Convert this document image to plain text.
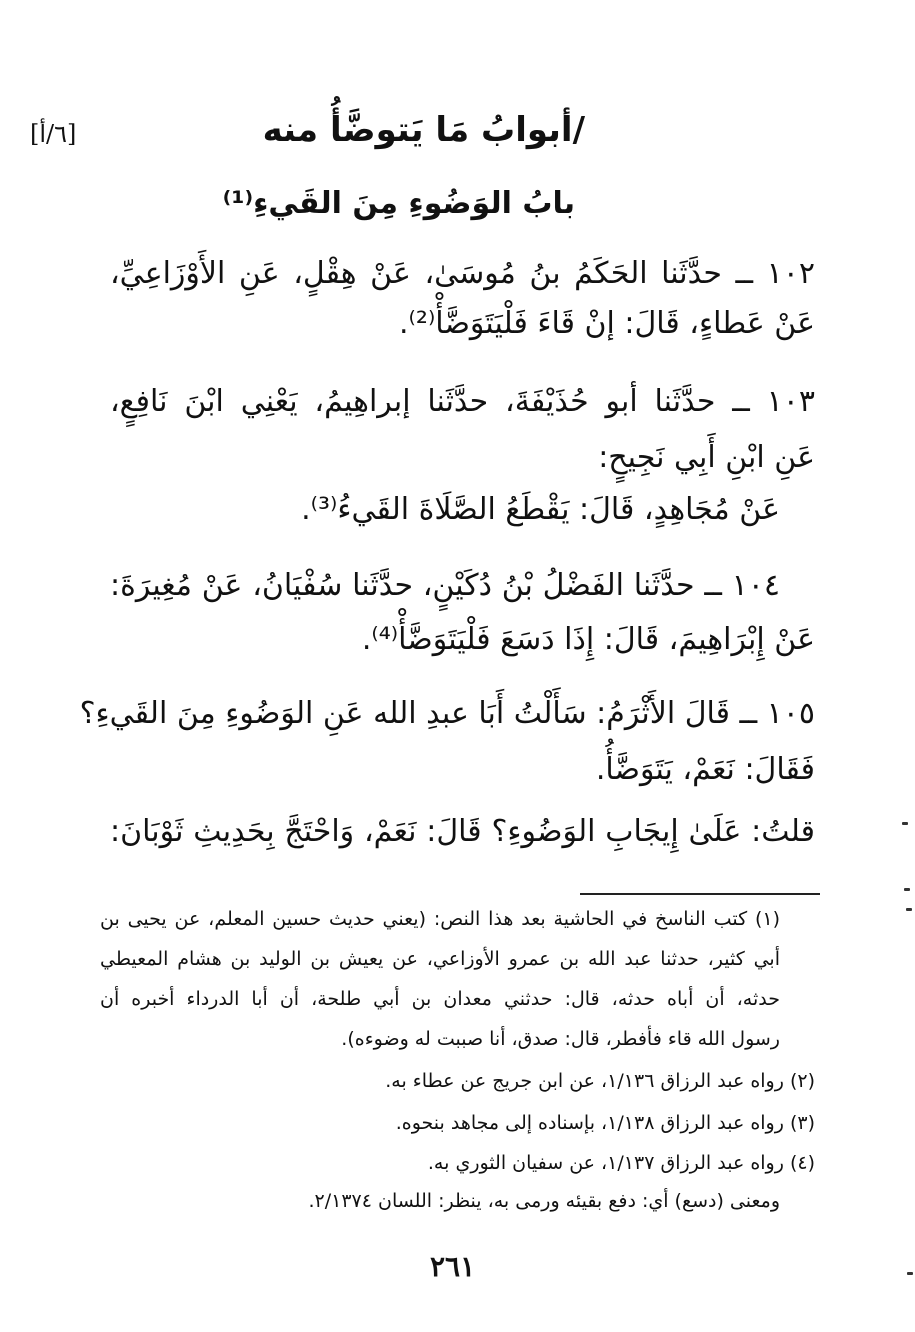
[٦/أ]	/أبوابُ مَا يَتوضَّأُ منه
بابُ الوَضُوءِ مِنَ القَيءِ⁽¹⁾
١٠٢ ــ حدَّثَنا الحَكَمُ بنُ مُوسَىٰ، عَنْ هِقْلٍ، عَنِ الأَوْزَاعِيِّ،
عَنْ عَطاءٍ، قَالَ: إنْ قَاءَ فَلْيَتَوَضَّأْ⁽²⁾.
١٠٣ ــ حدَّثَنا أبو حُذَيْفَةَ، حدَّثَنا إبراهِيمُ، يَعْنِي ابْنَ نَافِعٍ،
عَنِ ابْنِ أَبِي نَجِيحٍ:
عَنْ مُجَاهِدٍ، قَالَ: يَقْطَعُ الصَّلَاةَ القَيءُ⁽³⁾.
١٠٤ ــ حدَّثَنا الفَضْلُ بْنُ دُكَيْنٍ، حدَّثَنا سُفْيَانُ، عَنْ مُغِيرَةَ:
عَنْ إِبْرَاهِيمَ، قَالَ: إِذَا دَسَعَ فَلْيَتَوَضَّأْ⁽⁴⁾.
١٠٥ ــ قَالَ الأَثْرَمُ: سَأَلْتُ أَبَا عبدِ الله عَنِ الوَضُوءِ مِنَ القَيءِ؟
فَقَالَ: نَعَمْ، يَتَوَضَّأُ.
قلتُ: عَلَىٰ إِيجَابِ الوَضُوءِ؟ قَالَ: نَعَمْ، وَاحْتَجَّ بِحَدِيثِ ثَوْبَانَ:
(١) كتب الناسخ في الحاشية بعد هذا النص: (يعني حديث حسين المعلم، عن يحيى بن
أبي كثير، حدثنا عبد الله بن عمرو الأوزاعي، عن يعيش بن الوليد بن هشام المعيطي
حدثه، أن أباه حدثه، قال: حدثني معدان بن أبي طلحة، أن أبا الدرداء أخبره أن
رسول الله قاء فأفطر، قال: صدق، أنا صببت له وضوءه).
(٢) رواه عبد الرزاق ١/١٣٦، عن ابن جريج عن عطاء به.
(٣) رواه عبد الرزاق ١/١٣٨، بإسناده إلى مجاهد بنحوه.
(٤) رواه عبد الرزاق ١/١٣٧، عن سفيان الثوري به.
ومعنى (دسع) أي: دفع بقيئه ورمى به، ينظر: اللسان ٢/١٣٧٤.
٢٦١
